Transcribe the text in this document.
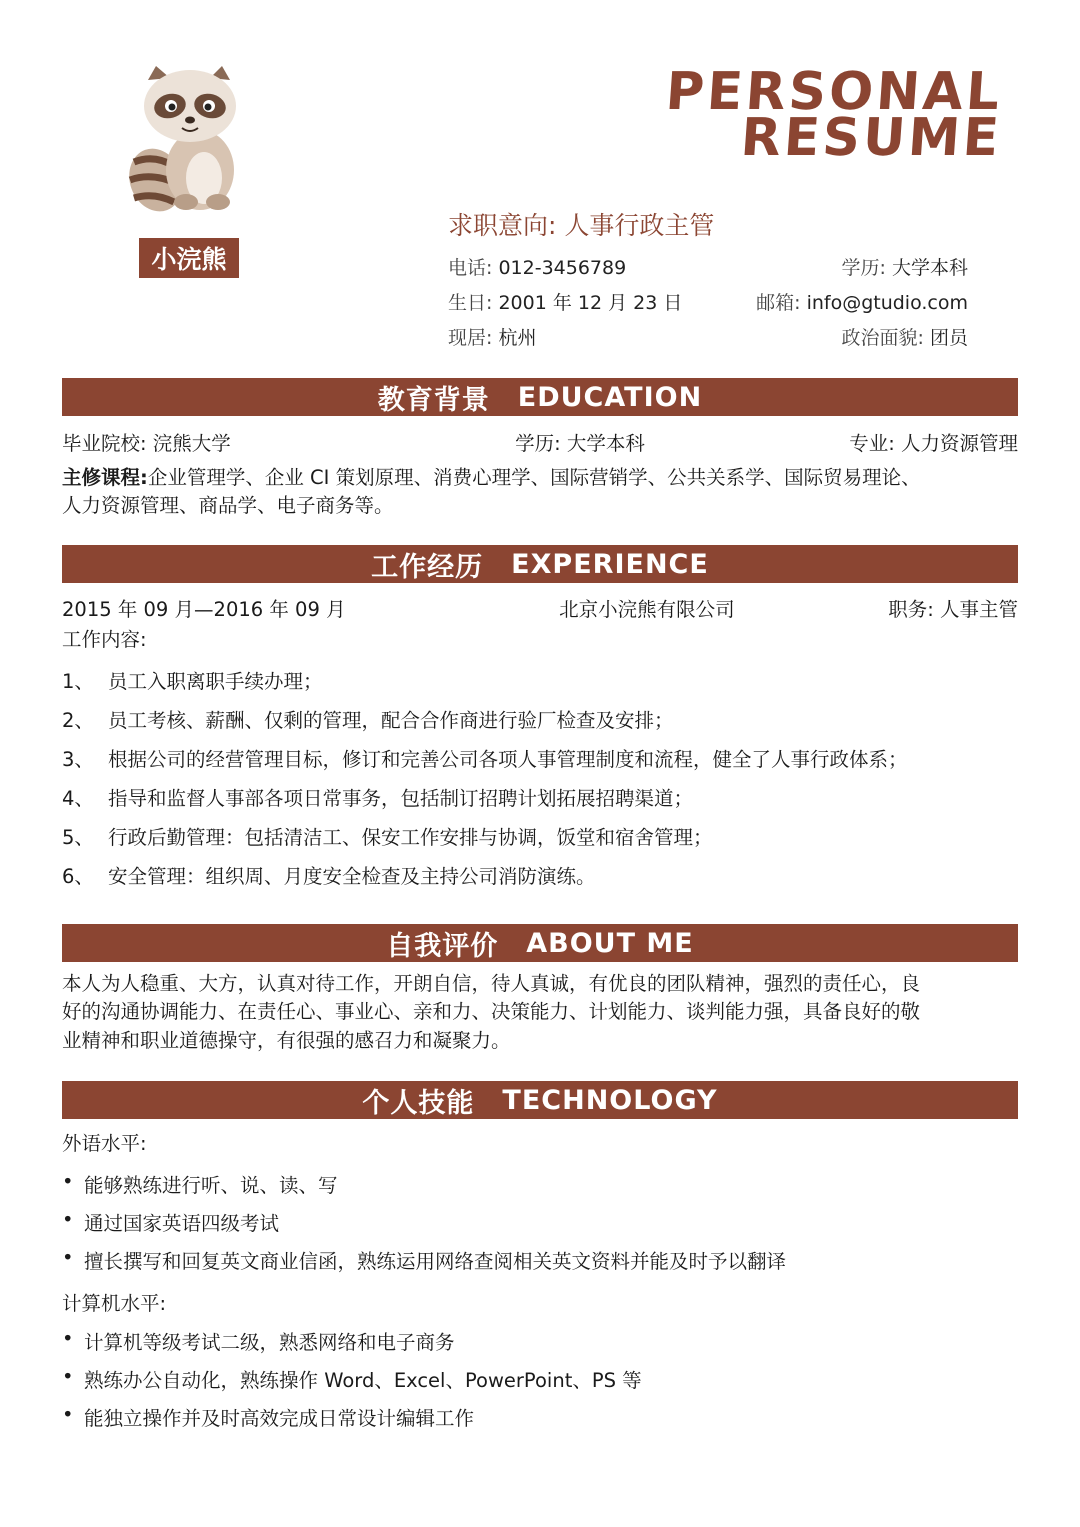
小浣熊
PERSONAL
RESUME
求职意向: 人事行政主管
电话: 012-3456789	学历: 大学本科
生日: 2001 年 12 月 23 日	邮箱: info@gtudio.com
现居: 杭州	政治面貌: 团员
教育背景 EDUCATION
毕业院校: 浣熊大学	学历: 大学本科	专业: 人力资源管理
主修课程:企业管理学、企业 CI 策划原理、消费心理学、国际营销学、公共关系学、国际贸易理论、
人力资源管理、商品学、电子商务等。
工作经历 EXPERIENCE
2015 年 09 月—2016 年 09 月	北京小浣熊有限公司	职务: 人事主管
工作内容:
1、 员工入职离职手续办理；
2、 员工考核、薪酬、仅剩的管理，配合合作商进行验厂检查及安排；
3、 根据公司的经营管理目标，修订和完善公司各项人事管理制度和流程，健全了人事行政体系；
4、 指导和监督人事部各项日常事务，包括制订招聘计划拓展招聘渠道；
5、 行政后勤管理：包括清洁工、保安工作安排与协调，饭堂和宿舍管理；
6、 安全管理：组织周、月度安全检查及主持公司消防演练。
自我评价 ABOUT ME
本人为人稳重、大方，认真对待工作，开朗自信，待人真诚，有优良的团队精神，强烈的责任心，良
好的沟通协调能力、在责任心、事业心、亲和力、决策能力、计划能力、谈判能力强，具备良好的敬
业精神和职业道德操守，有很强的感召力和凝聚力。
个人技能 TECHNOLOGY
外语水平:
• 能够熟练进行听、说、读、写
• 通过国家英语四级考试
• 擅长撰写和回复英文商业信函，熟练运用网络查阅相关英文资料并能及时予以翻译
计算机水平:
• 计算机等级考试二级，熟悉网络和电子商务
• 熟练办公自动化，熟练操作 Word、Excel、PowerPoint、PS 等
• 能独立操作并及时高效完成日常设计编辑工作
